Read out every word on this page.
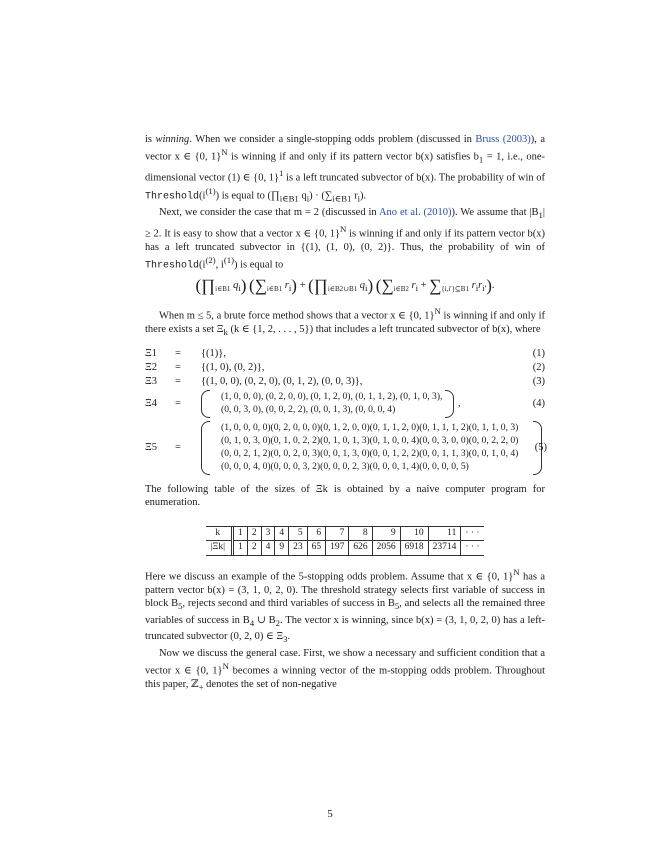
is winning. When we consider a single-stopping odds problem (discussed in Bruss (2003)), a vector x ∈ {0, 1}$^N$ is winning if and only if its pattern vector b(x) satisfies $b_1 = 1$, i.e., one-dimensional vector (1) ∈ {0, 1}$^1$ is a left truncated subvector of b(x). The probability of win of $Threshold(i^{(1)})$ is equal to ($\prod_{i\in B1}$ $q_i) \cdot (\sum_{i\in B1}$ $r_i$).

Next, we consider the case that m = 2 (discussed in Ano et al. (2010)). We assume that $|B_1| \ge 2$. It is easy to show that a vector x ∈ {0, 1}$^N$ is winning if and only if its pattern vector b(x) has a left truncated subvector in {(1), (1, 0), (0, 2)}. Thus, the probability of win of $Threshold(i^{(2)}$, $i^{(1)}$) is equal to

($\prod_{i\in B1}$ $q_i$) ($\sum_{i\in B1}$ $r_i$) + ($\prod_{i\in B2\cup B1}$ $q_i$) ($\sum_{i\in B2}$ $r_i + \sum_{\{i,i'\}⊆B1}$ $r_ir_{i'}$).

When m ≤ 5, a brute force method shows that a vector x ∈ {0, 1}$^N$ is winning if and only if there exists a set $\Xi_k$ (k ∈ {1, 2, . . . , 5}) that includes a left truncated subvector of b(x), where

Ξ1	= {(1)},	(1)
Ξ2	= {(1, 0), (0, 2)},	(2)
Ξ3	= {(1, 0, 0), (0, 2, 0), (0, 1, 2), (0, 0, 3)},	(3)
Ξ4	=
(1, 0, 0, 0), (0, 2, 0, 0), (0, 1, 2, 0), (0, 1, 1, 2), (0, 1, 0, 3),
(0, 0, 3, 0), (0, 0, 2, 2), (0, 0, 1, 3), (0, 0, 0, 4)
,	(4)
Ξ5	=
(1, 0, 0, 0, 0)(0, 2, 0, 0, 0)(0, 1, 2, 0, 0)(0, 1, 1, 2, 0)(0, 1, 1, 1, 2)(0, 1, 1, 0, 3)
(0, 1, 0, 3, 0)(0, 1, 0, 2, 2)(0, 1, 0, 1, 3)(0, 1, 0, 0, 4)(0, 0, 3, 0, 0)(0, 0, 2, 2, 0)
(0, 0, 2, 1, 2)(0, 0, 2, 0, 3)(0, 0, 1, 3, 0)(0, 0, 1, 2, 2)(0, 0, 1, 1, 3)(0, 0, 1, 0, 4)
(0, 0, 0, 4, 0)(0, 0, 0, 3, 2)(0, 0, 0, 2, 3)(0, 0, 0, 1, 4)(0, 0, 0, 0, 5)
(5)

The following table of the sizes of Ξk is obtained by a naive computer program for enumeration.

k	1	2	3	4	5	6	7	8	9	10	11	· · ·
|Ξk|	1	2	4	9	23	65	197	626	2056	6918	23714	· · ·

Here we discuss an example of the 5-stopping odds problem. Assume that x ∈ {0, 1}$^N$ has a pattern vector b(x) = (3, 1, 0, 2, 0). The threshold strategy selects first variable of success in block $B_5$, rejects second and third variables of success in $B_5$, and selects all the remained three variables of success in $B_4$ ∪ $B_2$. The vector x is winning, since b(x) = (3, 1, 0, 2, 0) has a left-truncated subvector (0, 2, 0) ∈ $\Xi_3$.

Now we discuss the general case. First, we show a necessary and sufficient condition that a vector x ∈ {0, 1}$^N$ becomes a winning vector of the m-stopping odds problem. Throughout this paper, ℤ$_+$ denotes the set of non-negative

5
